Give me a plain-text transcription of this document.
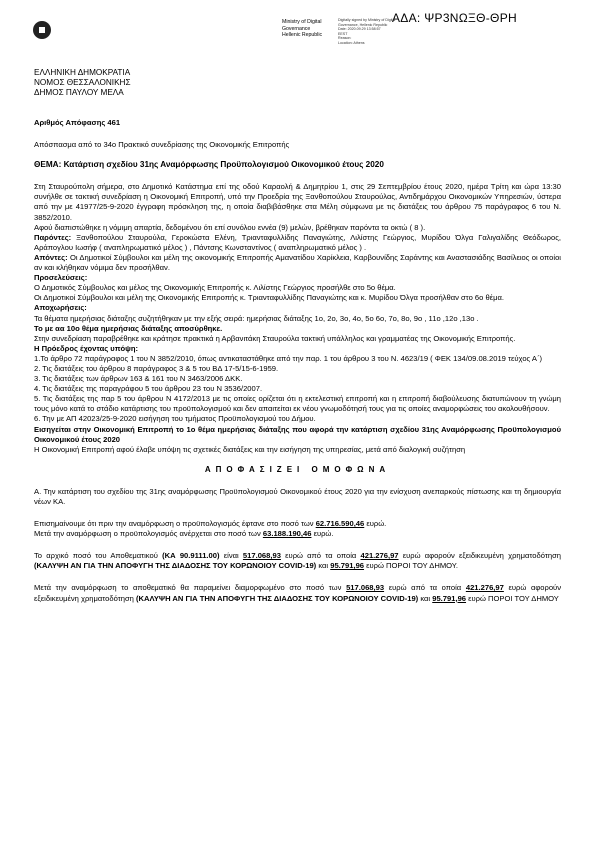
ΑΔΑ: ΨΡ3ΝΩΞΘ-ΘΡΗ
Ministry of Digital
Governance
Hellenic Republic
Digitally signed by Ministry of Digital
Governance, Hellenic Republic
Date: 2020.09.29 13:58:57
EEST
Reason:
Location: Athens
ΕΛΛΗΝΙΚΗ ΔΗΜΟΚΡΑΤΙΑ
ΝΟΜΟΣ ΘΕΣΣΑΛΟΝΙΚΗΣ
ΔΗΜΟΣ ΠΑΥΛΟΥ ΜΕΛΑ

Αριθμός Απόφασης 461

Απόσπασμα από το 34ο Πρακτικό συνεδρίασης της Οικονομικής Επιτροπής

ΘΕΜΑ: Κατάρτιση σχεδίου 31ης Αναμόρφωσης Προϋπολογισμού Οικονομικού έτους 2020

Στη Σταυρούπολη σήμερα, στο Δημοτικό Κατάστημα επί της οδού Καραολή & Δημητρίου 1, στις 29 Σεπτεμβρίου έτους 2020, ημέρα Τρίτη και ώρα 13:30 συνήλθε σε τακτική συνεδρίαση η Οικονομική Επιτροπή, υπό την Προεδρία της Ξανθοπούλου Σταυρούλας, Αντιδημάρχου Οικονομικών Υπηρεσιών, ύστερα από την με 41977/25-9-2020 έγγραφη πρόσκληση της, η οποία διαβιβάσθηκε στα Μέλη σύμφωνα με τις διατάξεις του άρθρου 75 παράγραφος 6 του Ν. 3852/2010.

Αφού διαπιστώθηκε η νόμιμη απαρτία, δεδομένου ότι επί συνόλου εννέα (9) μελών, βρέθηκαν παρόντα τα οκτώ ( 8 ).

Παρόντες: Ξανθοπούλου Σταυρούλα, Γεροκώστα Ελένη, Τριανταφυλλίδης Παναγιώτης, Λιλίστης Γεώργιος, Μυρίδου Όλγα Γαλιγαλίδης Θεόδωρος, Αράπογλου Ιωσήφ ( αναπληρωματικό μέλος ) , Πάντσης Κωνσταντίνος ( αναπληρωματικό μέλος ) .

Απόντες: Οι Δημοτικοί Σύμβουλοι και μέλη της οικονομικής Επιτροπής Αμανατίδου Χαρίκλεια, Καρβουνίδης Σαράντης και Αναστασιάδης Βασίλειος οι οποίοι αν και κλήθηκαν νόμιμα δεν προσήλθαν.

Προσελεύσεις:

Ο Δημοτικός Σύμβουλος και μέλος της Οικονομικής Επιτροπής κ. Λιλίστης Γεώργιος προσήλθε στο 5ο θέμα.

Οι Δημοτικοί Σύμβουλοι και μέλη της Οικονομικής Επιτροπής κ. Τριανταφυλλίδης Παναγιώτης και κ. Μυρίδου Όλγα προσήλθαν στο 6ο θέμα.

Αποχωρήσεις:

Τα θέματα ημερήσιας διάταξης συζητήθηκαν με την εξής σειρά: ημερήσιας διάταξης 1ο, 2ο, 3ο, 4ο, 5ο 6ο, 7ο, 8ο, 9ο , 11ο ,12ο ,13ο .

Το με αα 10ο θέμα ημερήσιας διάταξης αποσύρθηκε.

Στην συνεδρίαση παραβρέθηκε και κράτησε πρακτικά η Αρβανιτάκη Σταυρούλα τακτική υπάλληλος και γραμματέας της Οικονομικής Επιτροπής.

Η Πρόεδρος έχοντας υπόψη:

1.Το άρθρο 72 παράγραφος 1 του Ν 3852/2010, όπως αντικαταστάθηκε από την παρ. 1 του άρθρου 3 του Ν. 4623/19 ( ΦΕΚ 134/09.08.2019 τεύχος Α΄)

2. Τις διατάξεις του άρθρου 8 παράγραφος 3 & 5 του ΒΔ 17-5/15-6-1959.

3. Τις διατάξεις των άρθρων 163 & 161 του Ν 3463/2006 ΔΚΚ.

4. Τις διατάξεις της παραγράφου 5 του άρθρου 23 του Ν 3536/2007.

5. Τις διατάξεις της παρ 5 του άρθρου Ν 4172/2013 με τις οποίες ορίζεται ότι η εκτελεστική επιτροπή και η επιτροπή διαβούλευσης διατυπώνουν τη γνώμη τους μόνο κατά το στάδιο κατάρτισης του προϋπολογισμού και δεν απαιτείται εκ νέου γνωμοδότησή τους για τις οποίες αναμορφώσεις του ακολουθήσουν.

6. Την με ΑΠ 42023/25-9-2020 εισήγηση του τμήματος Προϋπολογισμού του Δήμου.

Εισηγείται στην Οικονομική Επιτροπή το 1ο θέμα ημερήσιας διάταξης που αφορά την κατάρτιση σχεδίου 31ης Αναμόρφωσης Προϋπολογισμού Οικονομικού έτους 2020

Η Οικονομική Επιτροπή αφού έλαβε υπόψη τις σχετικές διατάξεις και την εισήγηση της υπηρεσίας, μετά από διαλογική συζήτηση

ΑΠΟΦΑΣΙΖΕΙ ΟΜΟΦΩΝΑ

Α. Την κατάρτιση του σχεδίου της 31ης αναμόρφωσης Προϋπολογισμού Οικονομικού έτους 2020 για την ενίσχυση ανεπαρκούς πίστωσης και τη δημιουργία νέων ΚΑ.

Επισημαίνουμε ότι πριν την αναμόρφωση ο προϋπολογισμός έφτανε στο ποσό των 62.716.590,46 ευρώ.

Μετά την αναμόρφωση ο προϋπολογισμός ανέρχεται στο ποσό των 63.188.190,46 ευρώ.

Το αρχικό ποσό του Αποθεματικού (ΚΑ 90.9111.00) είναι 517.068,93 ευρώ από τα οποία 421.276,97 ευρώ αφορούν εξειδικευμένη χρηματοδότηση (ΚΑΛΥΨΗ ΑΝ ΓΙΑ ΤΗΝ ΑΠΟΦΥΓΗ ΤΗΣ ΔΙΑΔΟΣΗΣ ΤΟΥ ΚΟΡΩΝΟΙΟΥ COVID-19) και 95.791,96 ευρώ ΠΟΡΟΙ ΤΟΥ ΔΗΜΟΥ.

Μετά την αναμόρφωση το αποθεματικό θα παραμείνει διαμορφωμένο στο ποσό των 517.068,93 ευρώ από τα οποία 421.276,97 ευρώ αφορούν εξειδικευμένη χρηματοδότηση (ΚΑΛΥΨΗ ΑΝ ΓΙΑ ΤΗΝ ΑΠΟΦΥΓΗ ΤΗΣ ΔΙΑΔΟΣΗΣ ΤΟΥ ΚΟΡΩΝΟΙΟΥ COVID-19) και 95.791,96 ευρώ ΠΟΡΟΙ ΤΟΥ ΔΗΜΟΥ
